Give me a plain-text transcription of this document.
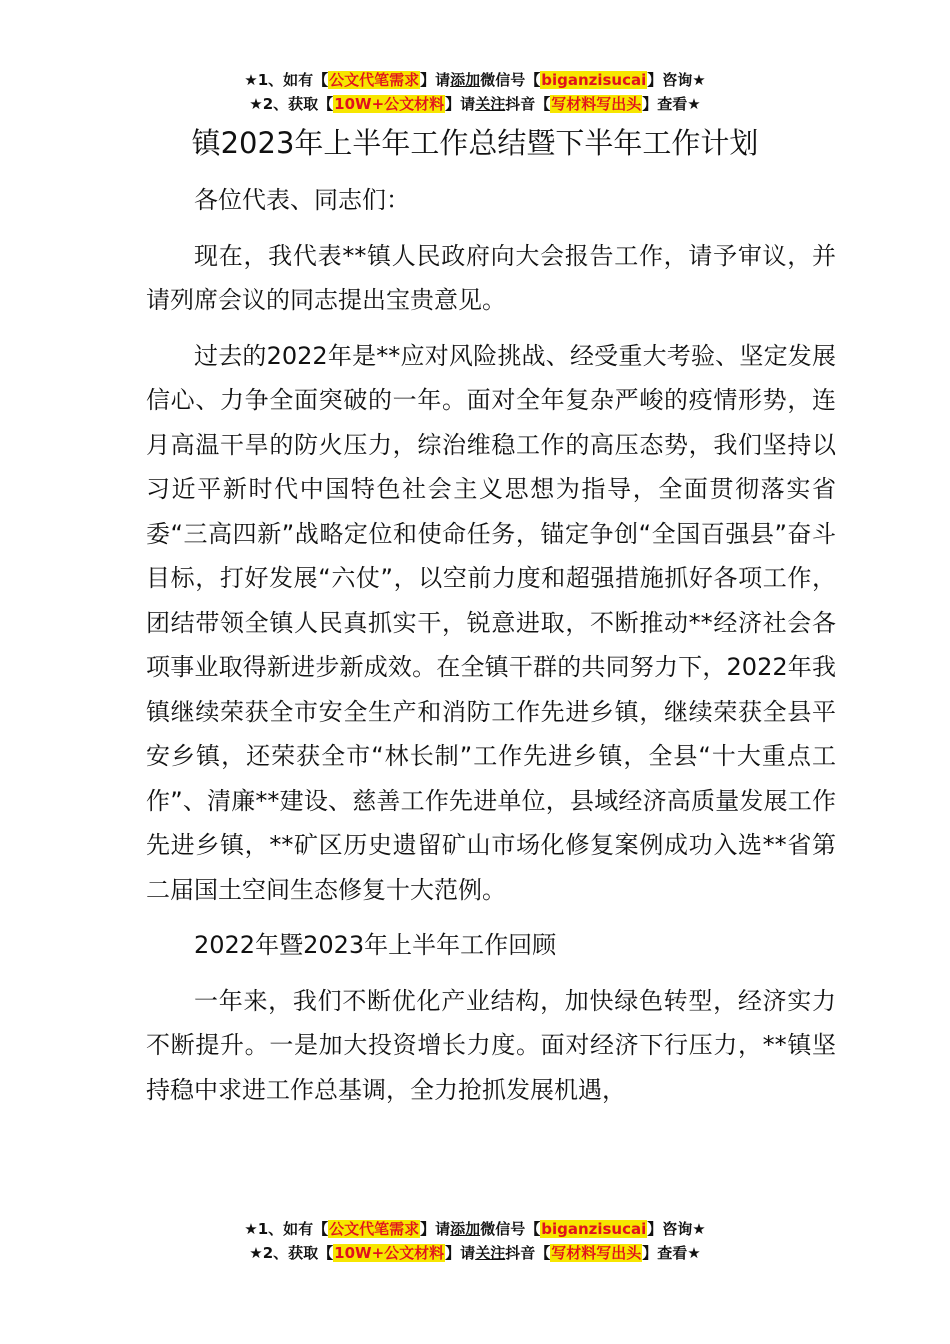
★1、如有【公文代笔需求】请添加微信号【biganzisucai】咨询★
★2、获取【10W+公文材料】请关注抖音【写材料写出头】查看★
镇2023年上半年工作总结暨下半年工作计划

各位代表、同志们：

现在，我代表**镇人民政府向大会报告工作，请予审议，并请列席会议的同志提出宝贵意见。

过去的2022年是**应对风险挑战、经受重大考验、坚定发展信心、力争全面突破的一年。面对全年复杂严峻的疫情形势，连月高温干旱的防火压力，综治维稳工作的高压态势，我们坚持以习近平新时代中国特色社会主义思想为指导，全面贯彻落实省委“三高四新”战略定位和使命任务，锚定争创“全国百强县”奋斗目标，打好发展“六仗”，以空前力度和超强措施抓好各项工作，团结带领全镇人民真抓实干，锐意进取，不断推动**经济社会各项事业取得新进步新成效。在全镇干群的共同努力下，2022年我镇继续荣获全市安全生产和消防工作先进乡镇，继续荣获全县平安乡镇，还荣获全市“林长制”工作先进乡镇，全县“十大重点工作”、清廉**建设、慈善工作先进单位，县域经济高质量发展工作先进乡镇，**矿区历史遗留矿山市场化修复案例成功入选**省第二届国土空间生态修复十大范例。

2022年暨2023年上半年工作回顾

一年来，我们不断优化产业结构，加快绿色转型，经济实力不断提升。一是加大投资增长力度。面对经济下行压力，**镇坚持稳中求进工作总基调，全力抢抓发展机遇，

★1、如有【公文代笔需求】请添加微信号【biganzisucai】咨询★
★2、获取【10W+公文材料】请关注抖音【写材料写出头】查看★
